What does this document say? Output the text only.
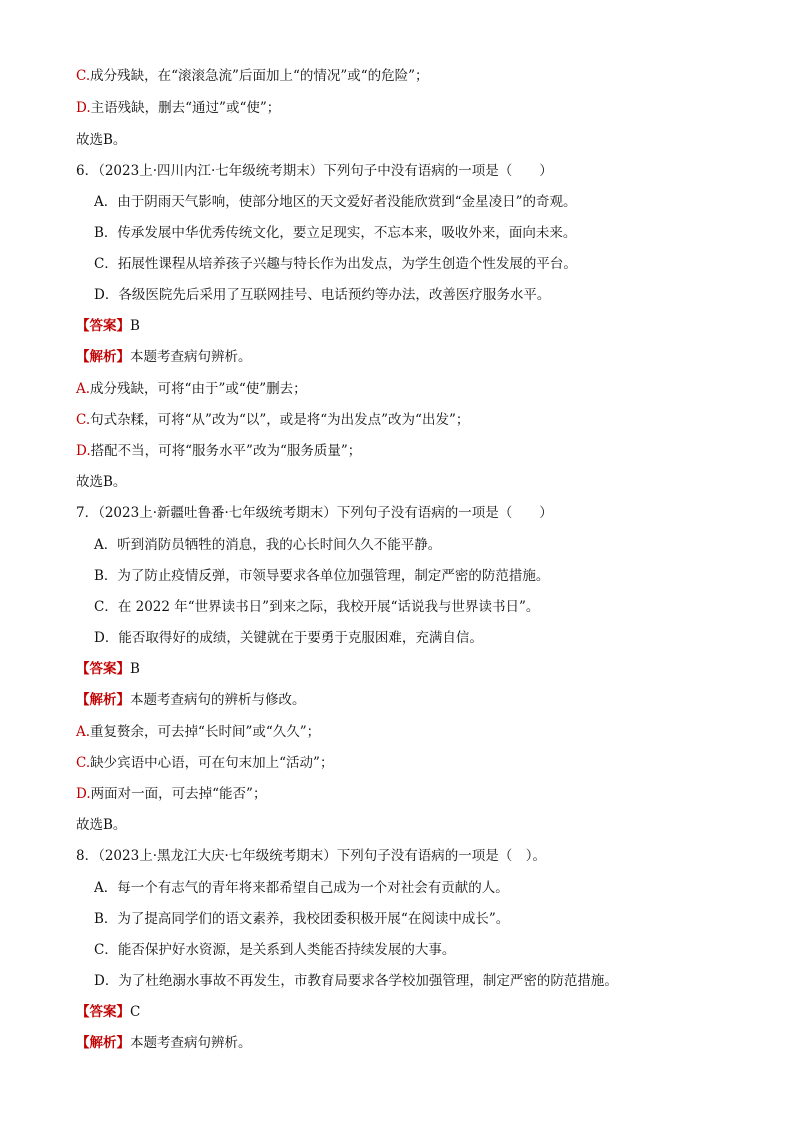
C.成分残缺，在“滚滚急流”后面加上“的情况”或“的危险”；
D.主语残缺，删去“通过”或“使”；
故选B。
6．（2023上·四川内江·七年级统考期末）下列句子中没有语病的一项是（　　）
A．由于阴雨天气影响，使部分地区的天文爱好者没能欣赏到“金星凌日”的奇观。
B．传承发展中华优秀传统文化，要立足现实，不忘本来，吸收外来，面向未来。
C．拓展性课程从培养孩子兴趣与特长作为出发点，为学生创造个性发展的平台。
D．各级医院先后采用了互联网挂号、电话预约等办法，改善医疗服务水平。
【答案】B
【解析】本题考查病句辨析。
A.成分残缺，可将“由于”或“使”删去；
C.句式杂糅，可将“从”改为“以”，或是将“为出发点”改为“出发”；
D.搭配不当，可将“服务水平”改为“服务质量”；
故选B。
7．（2023上·新疆吐鲁番·七年级统考期末）下列句子没有语病的一项是（　　）
A．听到消防员牺牲的消息，我的心长时间久久不能平静。
B．为了防止疫情反弹，市领导要求各单位加强管理，制定严密的防范措施。
C．在 2022 年“世界读书日”到来之际，我校开展“话说我与世界读书日”。
D．能否取得好的成绩，关键就在于要勇于克服困难，充满自信。
【答案】B
【解析】本题考查病句的辨析与修改。
A.重复赘余，可去掉“长时间”或“久久”；
C.缺少宾语中心语，可在句末加上“活动”；
D.两面对一面，可去掉“能否”；
故选B。
8．（2023上·黑龙江大庆·七年级统考期末）下列句子没有语病的一项是（　）。
A．每一个有志气的青年将来都希望自己成为一个对社会有贡献的人。
B．为了提高同学们的语文素养，我校团委积极开展“在阅读中成长”。
C．能否保护好水资源，是关系到人类能否持续发展的大事。
D．为了杜绝溺水事故不再发生，市教育局要求各学校加强管理，制定严密的防范措施。
【答案】C
【解析】本题考查病句辨析。
